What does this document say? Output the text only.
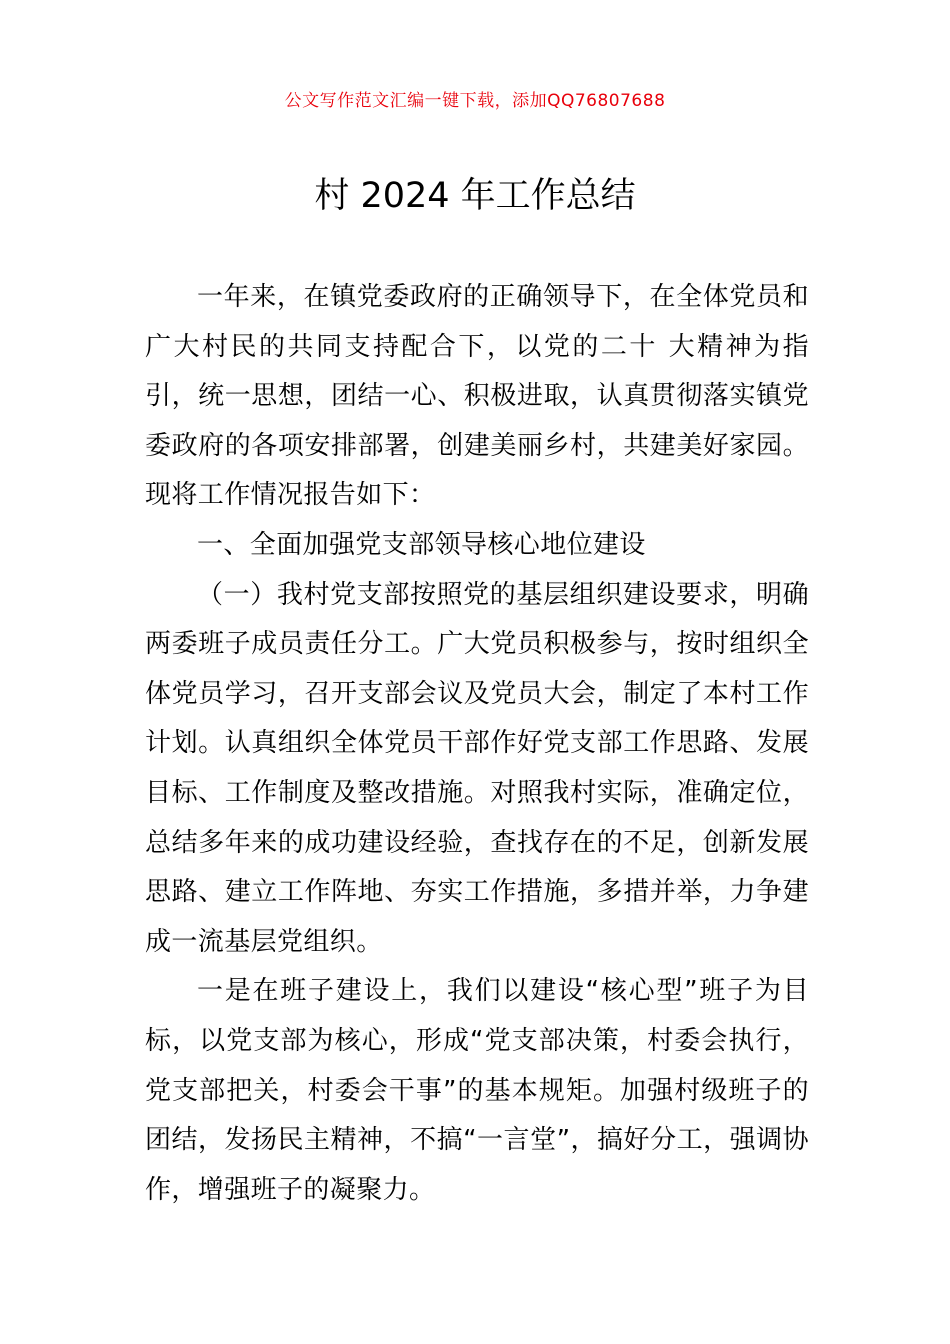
公文写作范文汇编一键下载，添加QQ76807688
村 2024 年工作总结

一年来，在镇党委政府的正确领导下，在全体党员和广大村民的共同支持配合下，以党的二十 大精神为指引，统一思想，团结一心、积极进取，认真贯彻落实镇党委政府的各项安排部署，创建美丽乡村，共建美好家园。现将工作情况报告如下：

一、全面加强党支部领导核心地位建设

（一）我村党支部按照党的基层组织建设要求，明确两委班子成员责任分工。广大党员积极参与，按时组织全体党员学习，召开支部会议及党员大会，制定了本村工作计划。认真组织全体党员干部作好党支部工作思路、发展目标、工作制度及整改措施。对照我村实际，准确定位，总结多年来的成功建设经验，查找存在的不足，创新发展思路、建立工作阵地、夯实工作措施，多措并举，力争建成一流基层党组织。

一是在班子建设上，我们以建设“核心型”班子为目标，以党支部为核心，形成“党支部决策，村委会执行，党支部把关，村委会干事”的基本规矩。加强村级班子的团结，发扬民主精神，不搞“一言堂”，搞好分工，强调协作，增强班子的凝聚力。
